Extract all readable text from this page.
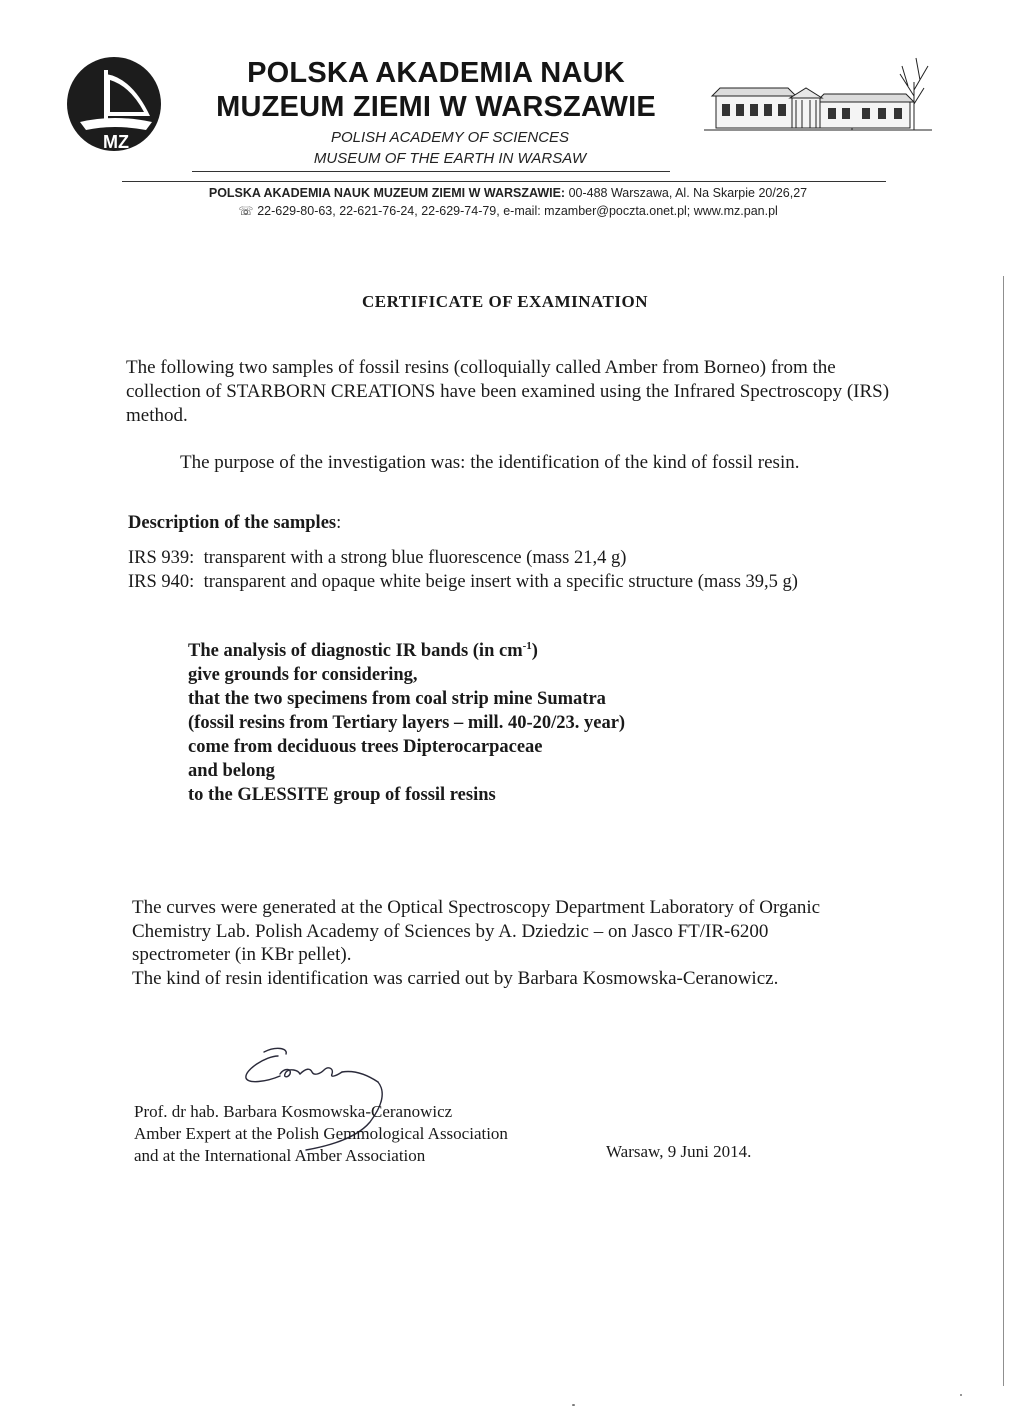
MZ
POLSKA AKADEMIA NAUK
MUZEUM ZIEMI W WARSZAWIE
POLISH ACADEMY OF SCIENCES
MUSEUM OF THE EARTH IN WARSAW
POLSKA AKADEMIA NAUK MUZEUM ZIEMI W WARSZAWIE: 00-488 Warszawa, Al. Na Skarpie 20/26,27
☏ 22-629-80-63, 22-621-76-24, 22-629-74-79, e-mail: mzamber@poczta.onet.pl; www.mz.pan.pl
CERTIFICATE OF EXAMINATION
The following two samples of fossil resins (colloquially called Amber from Borneo) from the collection of STARBORN CREATIONS have been examined using the Infrared Spectroscopy (IRS) method.
The purpose of the investigation was: the identification of the kind of fossil resin.
Description of the samples:
IRS 939: transparent with a strong blue fluorescence (mass 21,4 g)
IRS 940: transparent and opaque white beige insert with a specific structure (mass 39,5 g)
The analysis of diagnostic IR bands (in $cm^{-1}$)
give grounds for considering,
that the two specimens from coal strip mine Sumatra
(fossil resins from Tertiary layers – mill. 40-20/23. year)
come from deciduous trees Dipterocarpaceae
and belong
to the GLESSITE group of fossil resins
The curves were generated at the Optical Spectroscopy Department Laboratory of Organic
Chemistry Lab. Polish Academy of Sciences by A. Dziedzic – on Jasco FT/IR-6200
spectrometer (in KBr pellet).
The kind of resin identification was carried out by Barbara Kosmowska-Ceranowicz.
Prof. dr hab. Barbara Kosmowska-Ceranowicz
Amber Expert at the Polish Gemmological Association
and at the International Amber Association	Warsaw, 9 Juni 2014.
